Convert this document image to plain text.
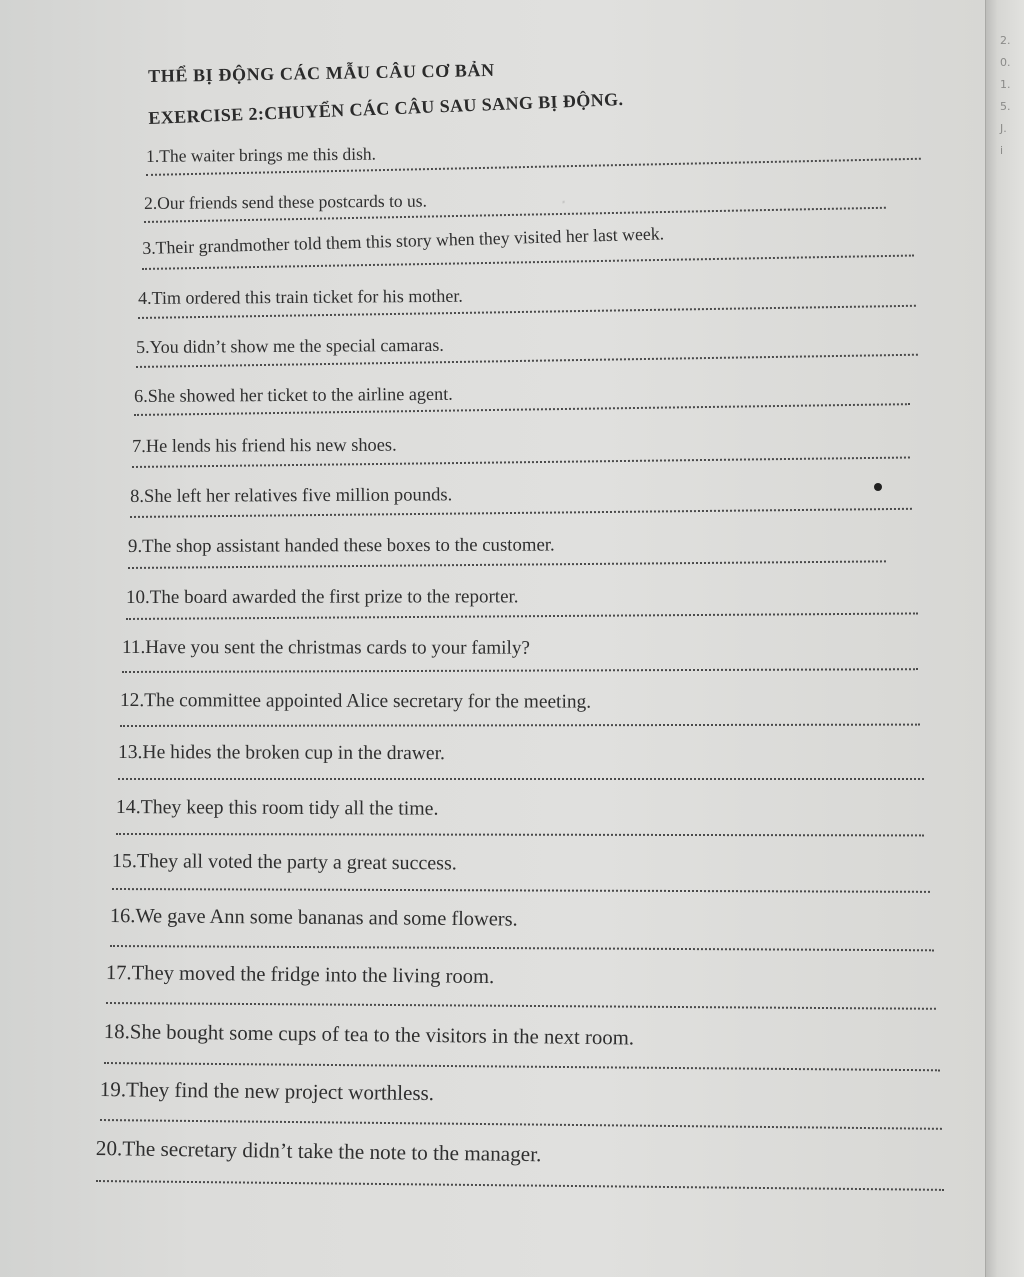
2.
0.
1.
5.
J.
i
·
THỂ BỊ ĐỘNG CÁC MẪU CÂU CƠ BẢN
EXERCISE 2:CHUYỂN CÁC CÂU SAU SANG BỊ ĐỘNG.
1.The waiter brings me this dish.
2.Our friends send these postcards to us.
3.Their grandmother told them this story when they visited her last week.
4.Tim ordered this train ticket for his mother.
5.You didn’t show me the special camaras.
6.She showed her ticket to the airline agent.
7.He lends his friend his new shoes.
8.She left her relatives five million pounds.
9.The shop assistant handed these boxes to the customer.
10.The board awarded the first prize to the reporter.
11.Have you sent the christmas cards to your family?
12.The committee appointed Alice secretary for the meeting.
13.He hides the broken cup in the drawer.
14.They keep this room tidy all the time.
15.They all voted the party a great success.
16.We gave Ann some bananas and some flowers.
17.They moved the fridge into the living room.
18.She bought some cups of tea to the visitors in the next room.
19.They find the new project worthless.
20.The secretary didn’t take the note to the manager.
